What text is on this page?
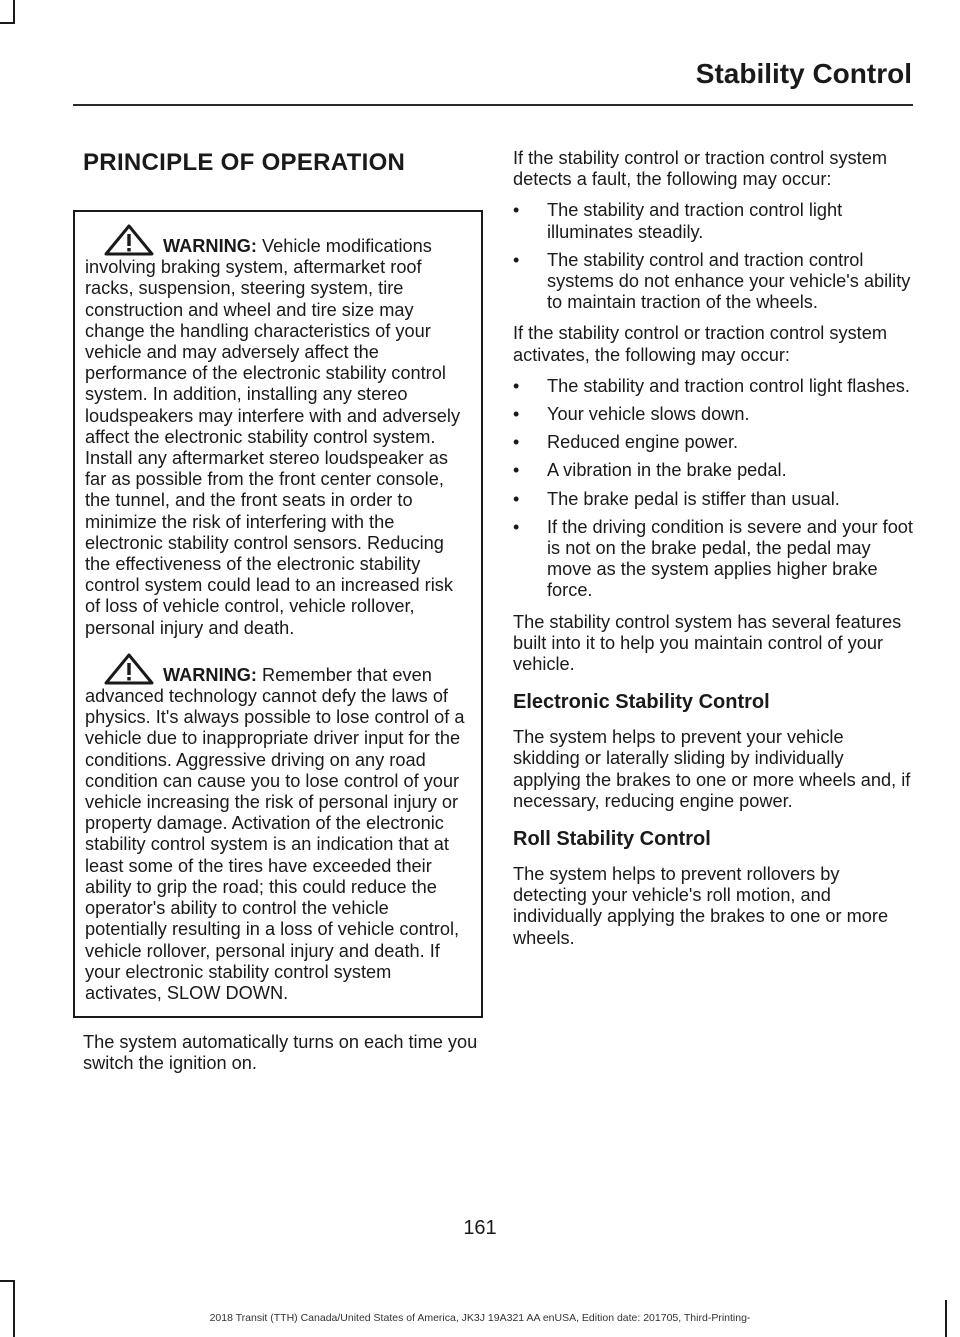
Stability Control
PRINCIPLE OF OPERATION

WARNING: Vehicle modifications involving braking system, aftermarket roof racks, suspension, steering system, tire construction and wheel and tire size may change the handling characteristics of your vehicle and may adversely affect the performance of the electronic stability control system. In addition, installing any stereo loudspeakers may interfere with and adversely affect the electronic stability control system. Install any aftermarket stereo loudspeaker as far as possible from the front center console, the tunnel, and the front seats in order to minimize the risk of interfering with the electronic stability control sensors. Reducing the effectiveness of the electronic stability control system could lead to an increased risk of loss of vehicle control, vehicle rollover, personal injury and death.

WARNING: Remember that even advanced technology cannot defy the laws of physics. It's always possible to lose control of a vehicle due to inappropriate driver input for the conditions. Aggressive driving on any road condition can cause you to lose control of your vehicle increasing the risk of personal injury or property damage. Activation of the electronic stability control system is an indication that at least some of the tires have exceeded their ability to grip the road; this could reduce the operator's ability to control the vehicle potentially resulting in a loss of vehicle control, vehicle rollover, personal injury and death. If your electronic stability control system activates, SLOW DOWN.

The system automatically turns on each time you switch the ignition on.

If the stability control or traction control system detects a fault, the following may occur:

• The stability and traction control light illuminates steadily.
• The stability control and traction control systems do not enhance your vehicle's ability to maintain traction of the wheels.

If the stability control or traction control system activates, the following may occur:

• The stability and traction control light flashes.
• Your vehicle slows down.
• Reduced engine power.
• A vibration in the brake pedal.
• The brake pedal is stiffer than usual.
• If the driving condition is severe and your foot is not on the brake pedal, the pedal may move as the system applies higher brake force.

The stability control system has several features built into it to help you maintain control of your vehicle.

Electronic Stability Control

The system helps to prevent your vehicle skidding or laterally sliding by individually applying the brakes to one or more wheels and, if necessary, reducing engine power.

Roll Stability Control

The system helps to prevent rollovers by detecting your vehicle's roll motion, and individually applying the brakes to one or more wheels.

161
2018 Transit (TTH) Canada/United States of America, JK3J 19A321 AA enUSA, Edition date: 201705, Third-Printing-
